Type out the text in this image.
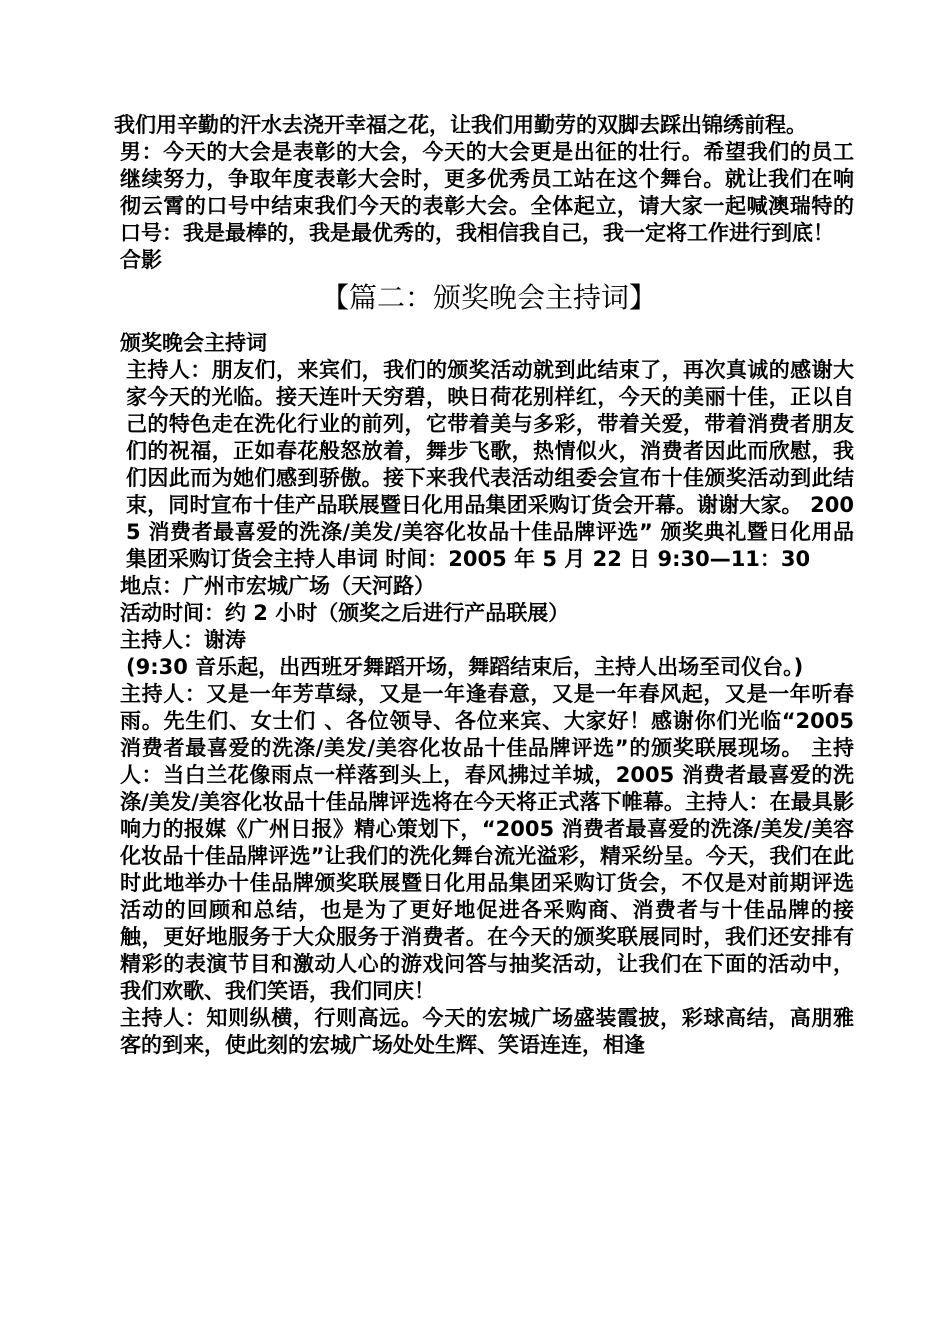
我们用辛勤的汗水去浇开幸福之花，让我们用勤劳的双脚去踩出锦绣前程。

男：今天的大会是表彰的大会，今天的大会更是出征的壮行。希望我们的员工继续努力，争取年度表彰大会时，更多优秀员工站在这个舞台。就让我们在响彻云霄的口号中结束我们今天的表彰大会。全体起立，请大家一起喊澳瑞特的口号：我是最棒的，我是最优秀的，我相信我自己，我一定将工作进行到底！

合影

【篇二：颁奖晚会主持词】

颁奖晚会主持词

主持人：朋友们，来宾们，我们的颁奖活动就到此结束了，再次真诚的感谢大家今天的光临。接天连叶天穷碧，映日荷花别样红，今天的美丽十佳，正以自己的特色走在洗化行业的前列，它带着美与多彩，带着关爱，带着消费者朋友们的祝福，正如春花般怒放着，舞步飞歌，热情似火，消费者因此而欣慰，我们因此而为她们感到骄傲。接下来我代表活动组委会宣布十佳颁奖活动到此结束，同时宣布十佳产品联展暨日化用品集团采购订货会开幕。谢谢大家。 2005 消费者最喜爱的洗涤/美发/美容化妆品十佳品牌评选” 颁奖典礼暨日化用品集团采购订货会主持人串词 时间：2005 年 5 月 22 日 9:30—11：30

地点：广州市宏城广场（天河路）

活动时间：约 2 小时（颁奖之后进行产品联展）

主持人：谢涛

(9:30 音乐起，出西班牙舞蹈开场，舞蹈结束后，主持人出场至司仪台。)

主持人：又是一年芳草绿，又是一年逢春意，又是一年春风起，又是一年听春雨。先生们、女士们 、各位领导、各位来宾、大家好！感谢你们光临“2005 消费者最喜爱的洗涤/美发/美容化妆品十佳品牌评选”的颁奖联展现场。 主持人：当白兰花像雨点一样落到头上，春风拂过羊城，2005 消费者最喜爱的洗涤/美发/美容化妆品十佳品牌评选将在今天将正式落下帷幕。主持人：在最具影响力的报媒《广州日报》精心策划下，“2005 消费者最喜爱的洗涤/美发/美容化妆品十佳品牌评选”让我们的洗化舞台流光溢彩，精采纷呈。今天，我们在此时此地举办十佳品牌颁奖联展暨日化用品集团采购订货会，不仅是对前期评选活动的回顾和总结，也是为了更好地促进各采购商、消费者与十佳品牌的接触，更好地服务于大众服务于消费者。在今天的颁奖联展同时，我们还安排有精彩的表演节目和激动人心的游戏问答与抽奖活动，让我们在下面的活动中，我们欢歌、我们笑语，我们同庆！

主持人：知则纵横，行则高远。今天的宏城广场盛装霞披，彩球高结，高朋雅客的到来，使此刻的宏城广场处处生辉、笑语连连，相逢
